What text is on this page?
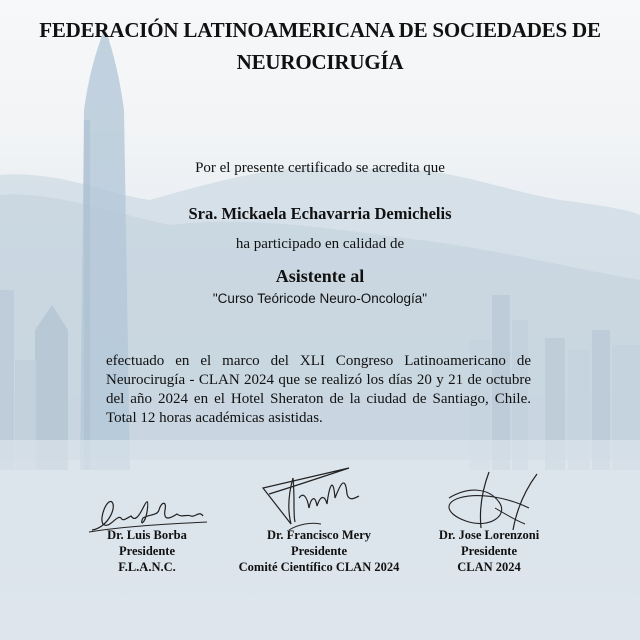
FEDERACIÓN LATINOAMERICANA DE SOCIEDADES DE NEUROCIRUGÍA
Por el presente certificado se acredita que
Sra. Mickaela Echavarria Demichelis
ha participado en calidad de
Asistente al
"Curso Teóricode Neuro-Oncología"
efectuado en el marco del XLI Congreso Latinoamericano de Neurocirugía - CLAN 2024 que se realizó los días 20 y 21 de octubre del año 2024 en el Hotel Sheraton de la ciudad de Santiago, Chile. Total 12 horas académicas asistidas.
Dr. Luis Borba
Presidente
F.L.A.N.C.
Dr. Francisco Mery
Presidente
Comité Científico CLAN 2024
Dr. Jose Lorenzoni
Presidente
CLAN 2024
